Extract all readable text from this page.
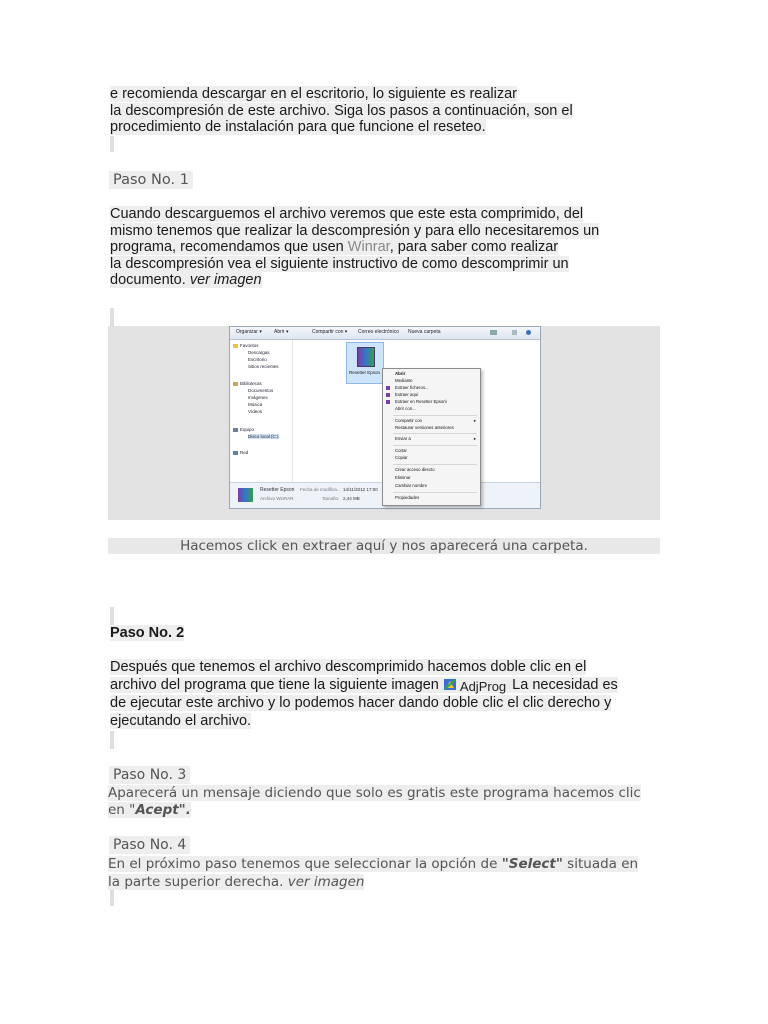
e recomienda descargar en el escritorio, lo siguiente es realizar
la descompresión de este archivo. Siga los pasos a continuación, son el
procedimiento de instalación para que funcione el reseteo.
Paso No. 1
Cuando descarguemos el archivo veremos que este esta comprimido, del
mismo tenemos que realizar la descompresión y para ello necesitaremos un
programa, recomendamos que usen Winrar, para saber como realizar
la descompresión vea el siguiente instructivo de como descomprimir un
documento. ver imagen
Organizar ▾ Abrir ▾	Compartir con ▾ Correo electrónico Nueva carpeta
Favoritos
Descargas
Escritorio
Sitios recientes
Bibliotecas
Documentos
Imágenes
Música
Vídeos
Equipo
Disco local (C:)
Red
Resetter Epson
Resetter Epson
Archivo WinRAR
Fecha de modifica... 14/11/2012 17:00
Tamaño: 2,44 MB
Abrir
Mediante
Extraer ficheros...
Extraer aquí
Extraer en Resetter Epson\
Abrir con...
Compartir con	▸
Restaurar versiones anteriores
Enviar a	▸
Cortar
Copiar
Crear acceso directo
Eliminar
Cambiar nombre
Propiedades
Hacemos click en extraer aquí y nos aparecerá una carpeta.
Paso No. 2
Después que tenemos el archivo descomprimido hacemos doble clic en el
archivo del programa que tiene la siguiente imagen AdjProg La necesidad es
de ejecutar este archivo y lo podemos hacer dando doble clic el clic derecho y
ejecutando el archivo.
Paso No. 3
Aparecerá un mensaje diciendo que solo es gratis este programa hacemos clic
en "Acept".
Paso No. 4
En el próximo paso tenemos que seleccionar la opción de "Select" situada en
la parte superior derecha. ver imagen
